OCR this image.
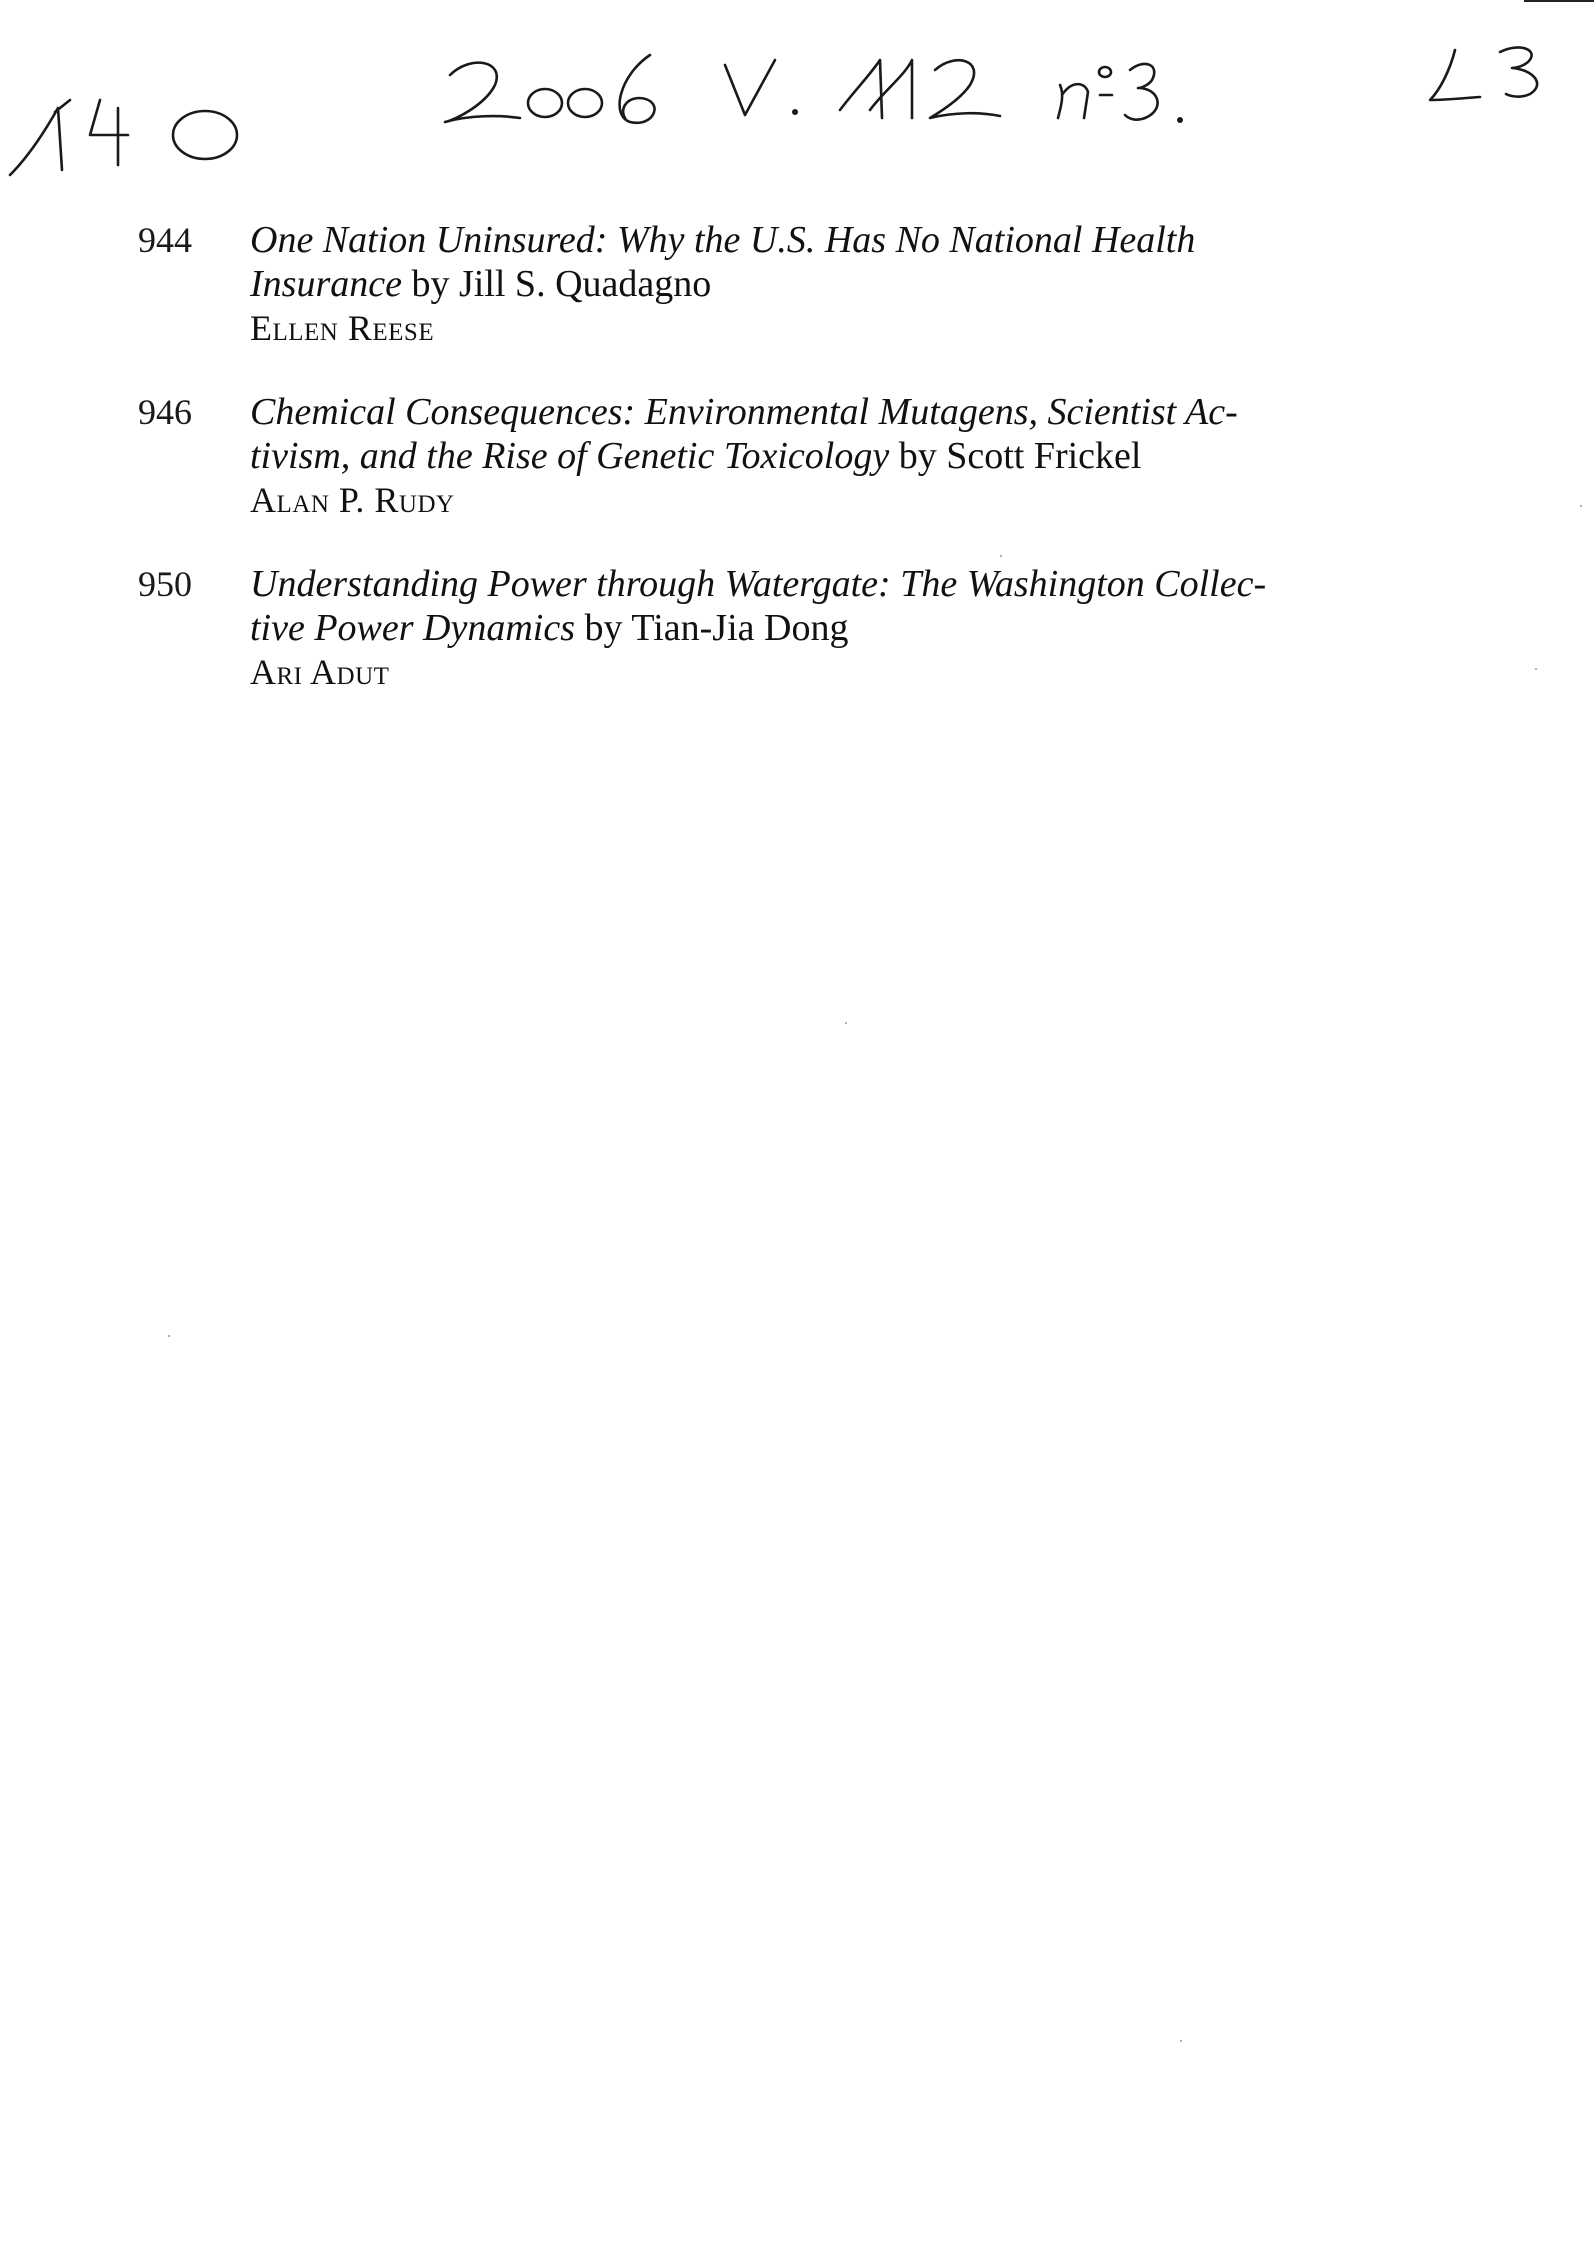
944	One Nation Uninsured: Why the U.S. Has No National Health
Insurance by Jill S. Quadagno
Ellen Reese
946	Chemical Consequences: Environmental Mutagens, Scientist Ac-
tivism, and the Rise of Genetic Toxicology by Scott Frickel
Alan P. Rudy
950	Understanding Power through Watergate: The Washington Collec-
tive Power Dynamics by Tian-Jia Dong
Ari Adut
